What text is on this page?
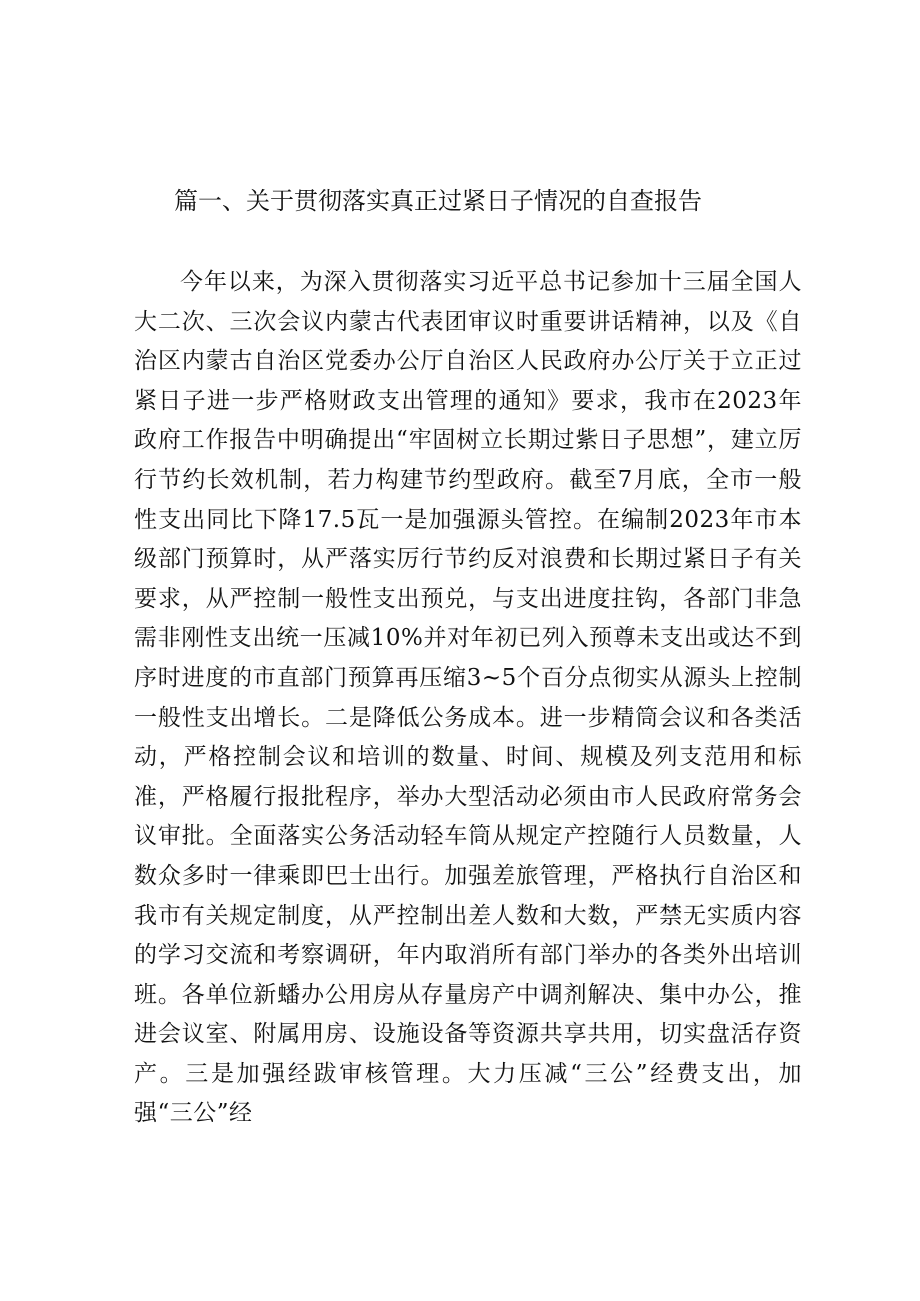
篇一、关于贯彻落实真正过紧日子情况的自查报告

今年以来，为深入贯彻落实习近平总书记参加十三届全国人大二次、三次会议内蒙古代表团审议时重要讲话精神，以及《自治区内蒙古自治区党委办公厅自治区人民政府办公厅关于立正过紧日子进一步严格财政支出管理的通知》要求，我市在2023年政府工作报告中明确提出“牢固树立长期过紫日子思想”，建立厉行节约长效机制，若力构建节约型政府。截至7月底，全市一般性支出同比下降17.5瓦一是加强源头管控。在编制2023年市本级部门预算时，从严落实厉行节约反对浪费和长期过紧日子有关要求，从严控制一般性支出预兑，与支出进度拄钩，各部门非急需非刚性支出统一压减10%并对年初已列入预尊未支出或达不到序时进度的市直部门预算再压缩3~5个百分点彻实从源头上控制一般性支出增长。二是降低公务成本。进一步精筒会议和各类活动，严格控制会议和培训的数量、时间、规模及列支范用和标准，严格履行报批程序，举办大型活动必须由市人民政府常务会议审批。全面落实公务活动轻车筒从规定产控随行人员数量，人数众多时一律乘即巴士出行。加强差旅管理，严格执行自治区和我市有关规定制度，从严控制出差人数和大数，严禁无实质内容的学习交流和考察调研，年内取消所有部门举办的各类外出培训班。各单位新蟠办公用房从存量房产中调剂解决、集中办公，推进会议室、附属用房、设施设备等资源共享共用，切实盘活存资产。三是加强经跋审核管理。大力压减“三公”经费支出，加强“三公”经
